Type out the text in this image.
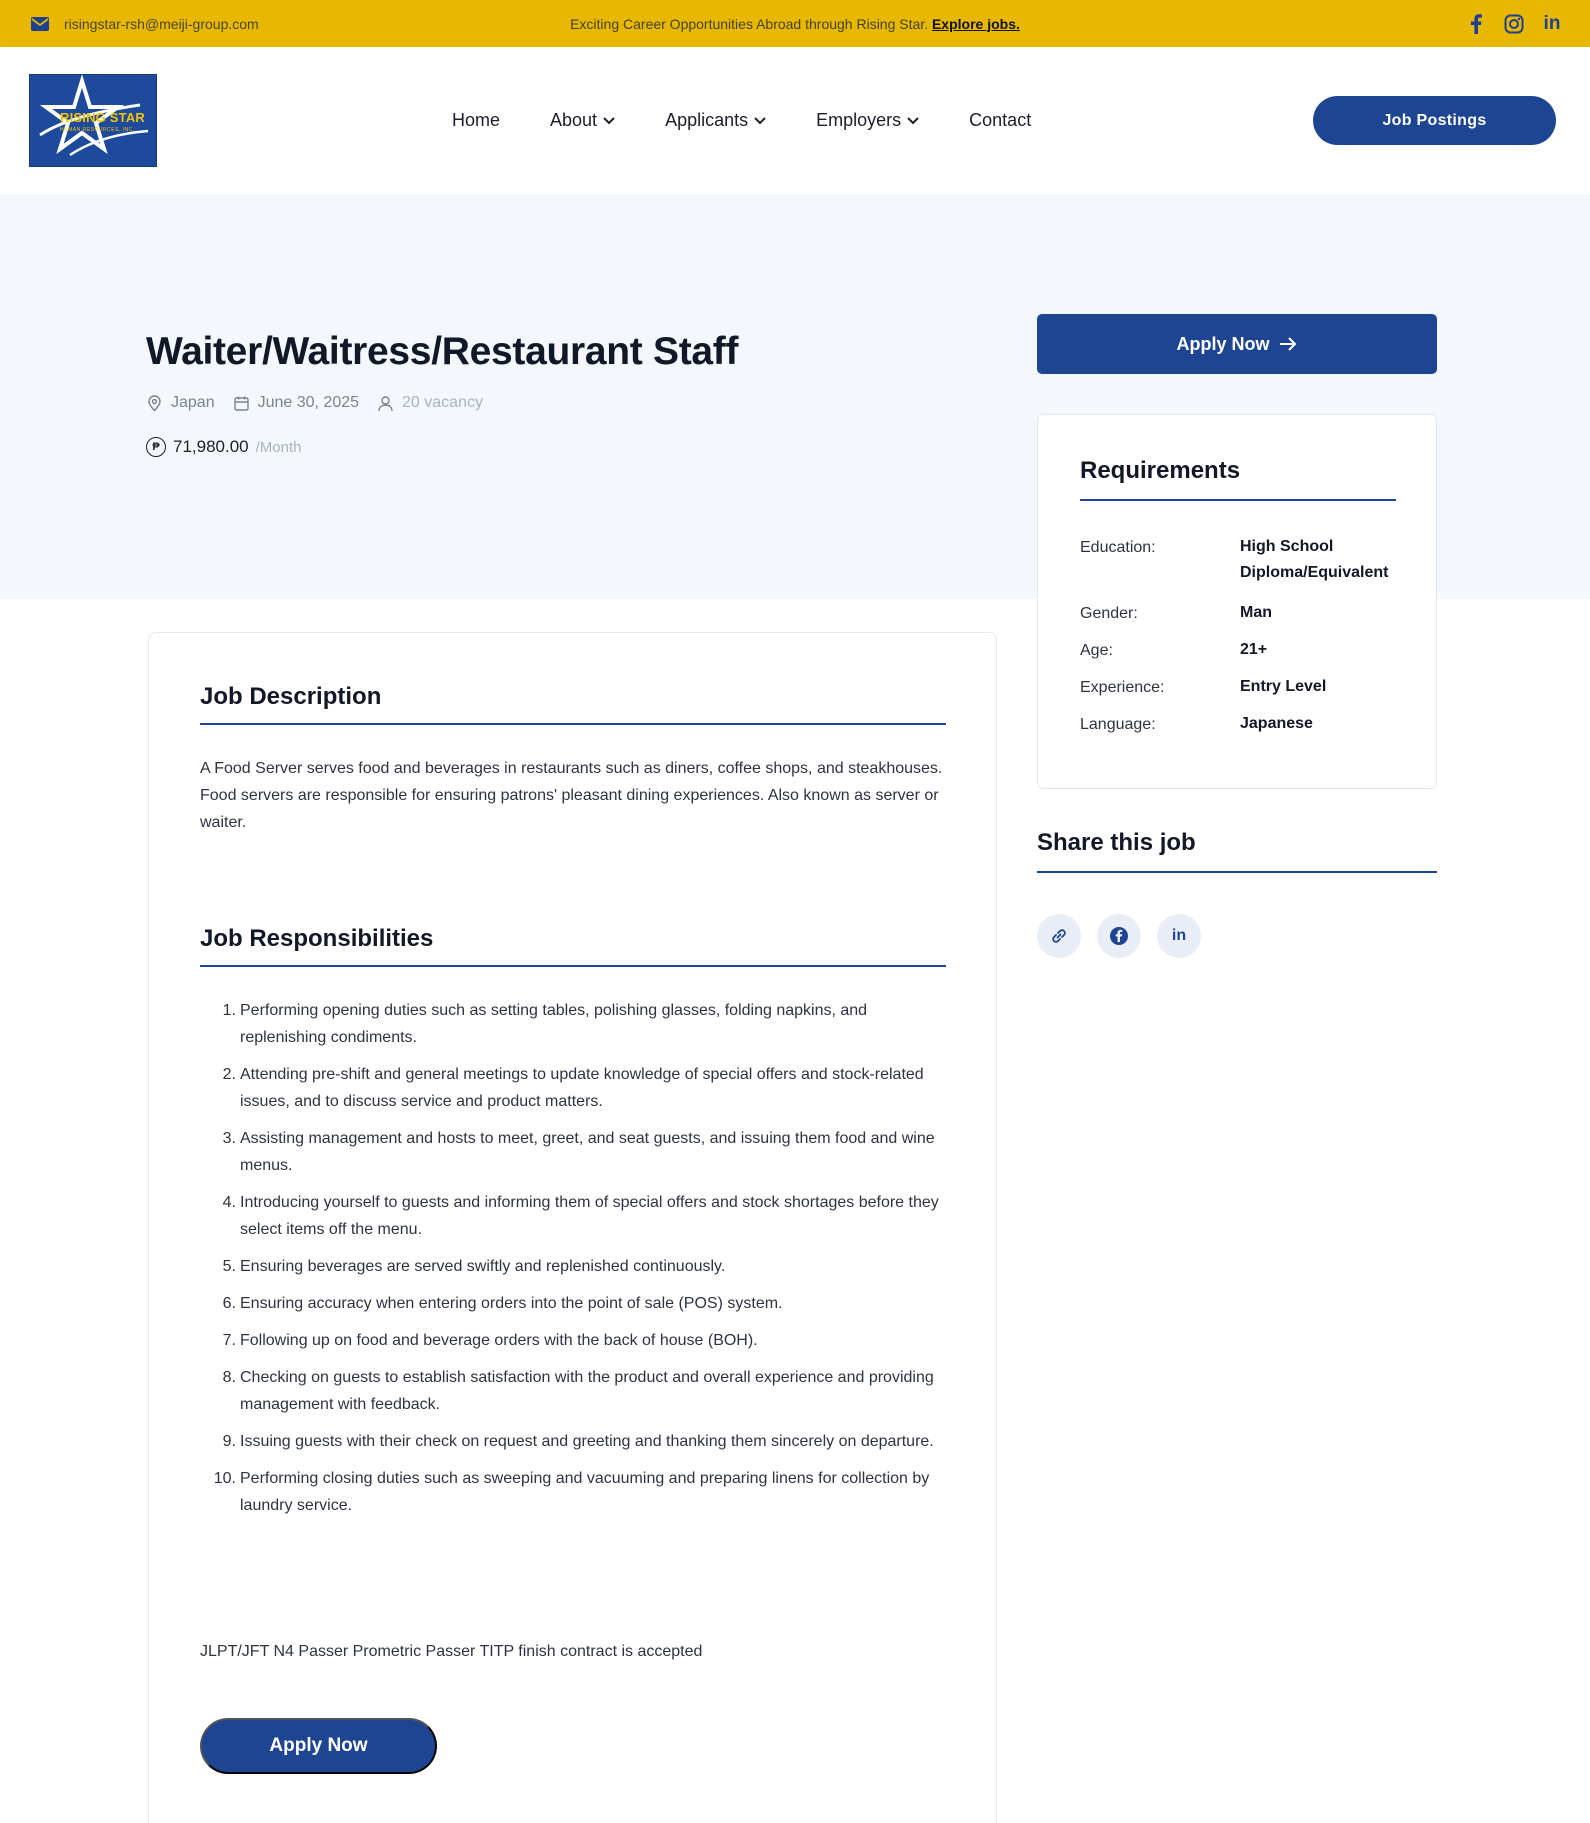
risingstar-rsh@meiji-group.com	Exciting Career Opportunities Abroad through Rising Star. Explore jobs.	in
RISING STAR
HUMAN RESOURCES, INC.	Home	About	Applicants	Employers	Contact	Job Postings
Waiter/Waitress/Restaurant Staff
Japan	June 30, 2025	20 vacancy
₱ 71,980.00 /Month
Apply Now
Requirements
Education:	High School Diploma/Equivalent
Gender:	Man
Age:	21+
Experience:	Entry Level
Language:	Japanese
Share this job
in
Job Description

A Food Server serves food and beverages in restaurants such as diners, coffee shops, and steakhouses. Food servers are responsible for ensuring patrons' pleasant dining experiences. Also known as server or waiter.

Job Responsibilities
1. Performing opening duties such as setting tables, polishing glasses, folding napkins, and replenishing condiments.
2. Attending pre-shift and general meetings to update knowledge of special offers and stock-related issues, and to discuss service and product matters.
3. Assisting management and hosts to meet, greet, and seat guests, and issuing them food and wine menus.
4. Introducing yourself to guests and informing them of special offers and stock shortages before they select items off the menu.
5. Ensuring beverages are served swiftly and replenished continuously.
6. Ensuring accuracy when entering orders into the point of sale (POS) system.
7. Following up on food and beverage orders with the back of house (BOH).
8. Checking on guests to establish satisfaction with the product and overall experience and providing management with feedback.
9. Issuing guests with their check on request and greeting and thanking them sincerely on departure.
10. Performing closing duties such as sweeping and vacuuming and preparing linens for collection by laundry service.

JLPT/JFT N4 Passer Prometric Passer TITP finish contract is accepted

Apply Now
